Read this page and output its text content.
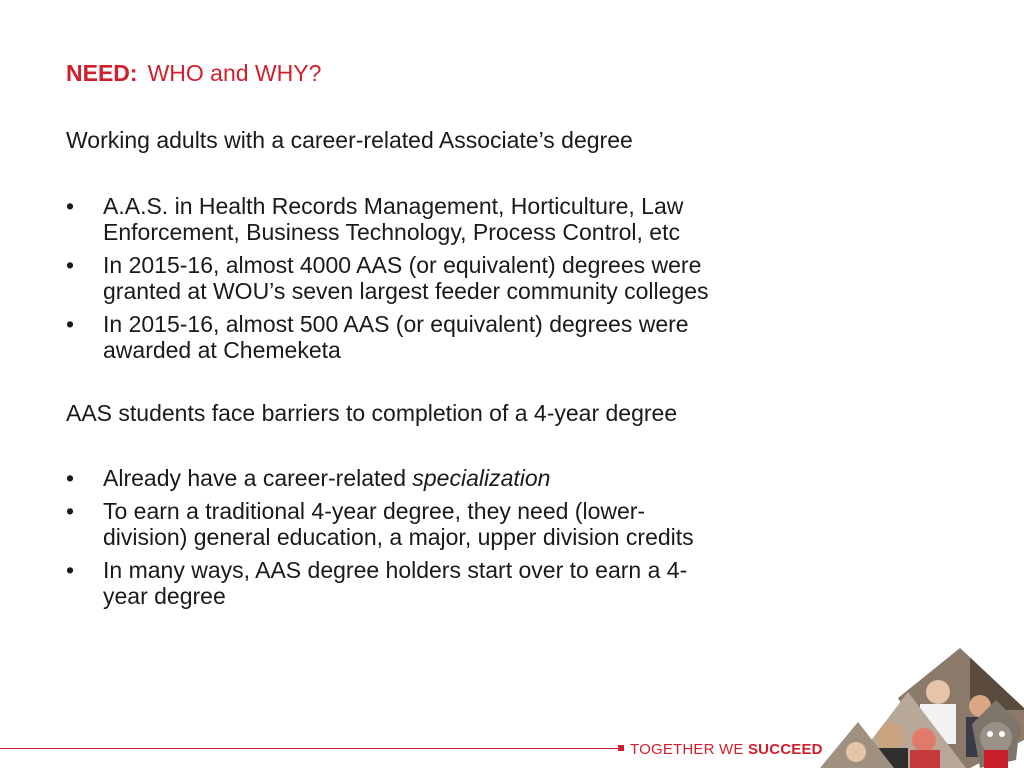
NEED: WHO and WHY?
Working adults with a career-related Associate’s degree
• A.A.S. in Health Records Management, Horticulture, Law
Enforcement, Business Technology, Process Control, etc
• In 2015-16, almost 4000 AAS (or equivalent) degrees were
granted at WOU’s seven largest feeder community colleges
• In 2015-16, almost 500 AAS (or equivalent) degrees were
awarded at Chemeketa
AAS students face barriers to completion of a 4-year degree
• Already have a career-related specialization
• To earn a traditional 4-year degree, they need (lower-
division) general education, a major, upper division credits
• In many ways, AAS degree holders start over to earn a 4-
year degree
TOGETHER WE SUCCEED
